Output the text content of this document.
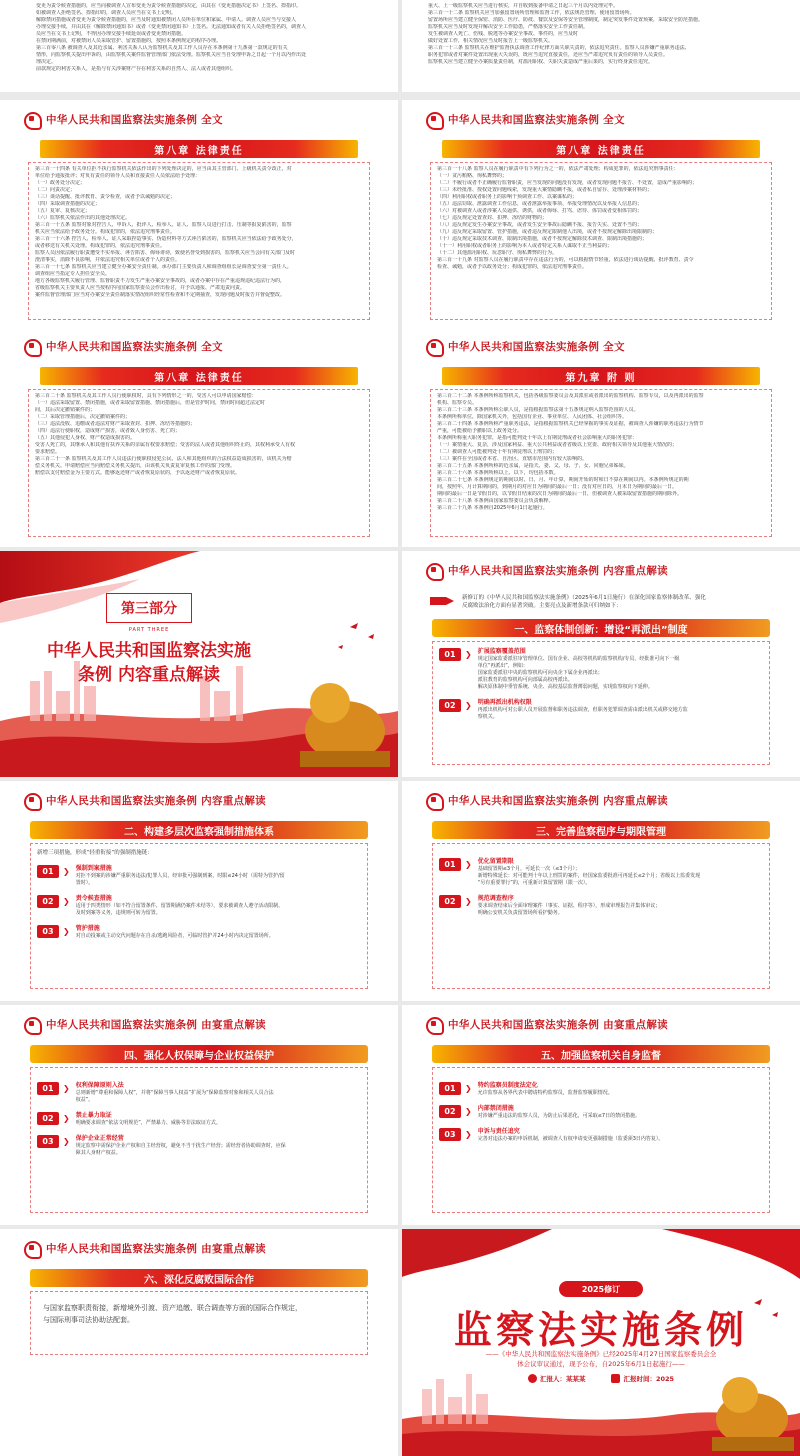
变更为责令候查措施的，应当向被调查人宣布变更为责令候查措施的决定，由其在《变更措施决定书》上签名、捺指印。
如被调查人拒绝签名、捺指印的，调查人员应当在文书上记明。
解除禁闭措施或者变更为责令候查措施的，应当及时通知被禁闭人员所在单位和家属、申请人。调查人员应当与交接人
办理交接手续，并由其在《解除禁闭通知书》或者《变更禁闭通知书》上签名。无法通知或者有关人员拒绝签名的，调查人
员应当在文书上记明，不得因办理交接手续延误或者变更禁闭措施。
在禁闭期满前，对被禁闭人员采取管护、留置措施的，按照本条例规定的程序办理。
第三百零八条 被调查人及其近亲属、利害关系人认为监察机关及其工作人员存在本条例第十九条第一款规定的有关
情形，向监察机关提出申诉的，由监察机关案件监督管理部门依法受理。监察机关应当自受理申诉之日起一个月以内作出处
理决定。
前款规定的利害关系人，是指与有关涉案财产存在利害关系的自然人、法人或者其他组织。
重大、上一级监察机关应当进行核实，并自收到报备申请之日起三个月以内处理完毕。
第三百一十二条 监察机关应当加强留置场所管理和监督工作，依法规范管理、使用留置场所。
留置场所应当建立健全保密、消防、医疗、防疫、餐饮及安保等安全管理制度，制定突发事件处置预案，采取安全防范措施。
监察机关应当及时发现并解决安全工作隐患，严格落实安全工作责任制。
发生被调查人死亡、伤残、脱逃等办案安全事故、事件的，应当及时
做好处置工作，相关情况应当及时报告上一级监察机关。
第三百一十三条 监察机关在维护监督执法调查工作纪律方面失职失责的，依法追究责任。监察人员涉嫌严重职务违法、
职务犯罪或者对案件处置出现重大失误的，既应当追究直接责任，还应当严肃追究负有责任的领导人员责任。
监察机关应当建立健全办案质量责任制，对滥用职权、失职失责造成严重后果的，实行终身责任追究。
中华人民共和国监察法实施条例 全文
第八章 法律责任
第三百一十四条 有关单位拒不执行监察机关依法作出的下列处理决定的，应当由其主管部门、上级机关责令改正，对
单位给予通报批评；对负有责任的领导人员和直接责任人员依法给予处理：
（一）政务处分决定；
（二）问责决定；
（三）谈话提醒、批评教育、责令检查，或者予以诫勉的决定；
（四）采取调查措施的决定；
（五）复审、复核决定；
（六）监察机关依法作出的其他处理决定。
第三百一十五条 监察对象对控告人、申诉人、批评人、检举人、证人、监察人员进行打击、压制等报复陷害的，监察
机关应当依法给予政务处分。构成犯罪的，依法追究刑事责任。
第三百一十六条 控告人、检举人、证人采取捏造事实、伪造材料等方式诬告陷害的，监察机关应当依法给予政务处分，
或者移送有关机关处理。构成犯罪的，依法追究刑事责任。
监察人员因依法履行职责遭受不实举报、诬告陷害、侮辱诽谤，致使名誉受到损害的，监察机关应当会同有关部门及时
澄清事实，消除不良影响，并依法追究相关单位或者个人的责任。
第三百一十七条 监察机关应当建立健全办案安全责任制。承办部门主要负责人和调查组组长是调查安全第一责任人。
调查组应当指定专人担任安全员。
地方各级监察机关履行管理、监督职责不力发生严重办案安全事故的，或者办案中存在严重违规违纪违法行为的，
省级监察机关主要负责人应当按程序向国家监察委员会作出检讨，并予以通报、严肃追责问责。
案件监督管理部门应当对办案安全责任制落实情况组织经常性检查和不定期抽查，发现问题及时报告并督促整改。
中华人民共和国监察法实施条例 全文
第八章 法律责任
第三百一十八条 监察人员在履行职责中有下列行为之一的，依法严肃处理；构成犯罪的，依法追究刑事责任：
（一）贪污贿赂、徇私舞弊的；
（二）不履行或者不正确履行监督职责，应当发现的问题没有发现，或者发现问题不报告、不处置，造成严重影响的；
（三）未经批准、授权处置问题线索，发现重大案情隐瞒不报，或者私自留存、处理涉案材料的；
（四）利用职权或者职务上的影响干预调查工作、以案谋私的；
（五）违法窃取、泄露调查工作信息，或者泄露举报事项、举报受理情况以及举报人信息的；
（六）对被调查人或者涉案人员逼供、诱供，或者侮辱、打骂、虐待、体罚或者变相体罚的；
（七）违反规定处置查封、扣押、冻结的财物的；
（八）违反规定发生办案安全事故，或者发生安全事故后隐瞒不报、报告失实、处置不当的；
（九）违反规定采取留置、管护措施，或者违反规定限制他人出境，或者不按规定解除出境限制的；
（十）违反规定采取技术调查、限制出境措施，或者不按规定解除技术调查、限制出境措施的；
（十一）利用职权或者职务上的影响为本人或者特定关系人谋取不正当利益的；
（十二）其他滥用职权、玩忽职守、徇私舞弊的行为。
第三百一十九条 对监察人员在履行职责中存在违法行为的，可以根据情节轻重，依法进行谈话提醒、批评教育、责令
检查、诫勉，或者予以政务处分；构成犯罪的，依法追究刑事责任。
中华人民共和国监察法实施条例 全文
第八章 法律责任
第三百二十条 监察机关及其工作人员行使职权时，具有下列情形之一的，受害人可以申请国家赔偿：
（一）违法采取留置、禁闭措施，或者采取留置措施、禁闭措施后，但是管护时间，禁闭时间超过法定时
间，其后决定撤销案件的；
（二）采取管理措施后，决定撤销案件的；
（三）违法没收、追缴或者违法对财产采取查封、扣押、冻结等措施的；
（四）违法行使职权，造成财产损害，或者致人身伤害、死亡的；
（五）其他侵犯人身权、财产权造成损害的。
受害人死亡的，其继承人和其他有扶养关系的亲属有权要求赔偿；受害的法人或者其他组织终止的，其权利承受人有权
要求赔偿。
第三百二十一条 监察机关及其工作人员违法行使职权侵犯公民、法人和其他组织的合法权益造成损害的，该机关为赔
偿义务机关。申请赔偿应当向赔偿义务机关提出，由该机关负责复审复核工作的部门受理。
赔偿以支付赔偿金为主要方式。能够返还财产或者恢复原状的，予以返还财产或者恢复原状。
中华人民共和国监察法实施条例 全文
第九章 附 则
第三百二十二条 本条例所称监察机关，包括各级监察委员会及其派驻或者派出的监察机构、监察专员，以及再派出的监察
机构、监察专员。
第三百二十三条 本条例所称公职人员，是指根据监察法第十五条规定纳入监察范围的人员。
本条例所称单位，除国家机关外，包括国有企业、事业单位、人民团体、社会组织等。
第三百二十四条 本条例所称严重职务违法，是指根据监察机关已经掌握的事实及证据，被调查人涉嫌的职务违法行为情节
严重，可能被给予撤职以上政务处分。
本条例所称重大职务犯罪，是指可能判处十年以上有期徒刑或者社会影响重大的职务犯罪：
（一）案情重大、复杂，涉及国家利益、重大公共利益或者省级以上党委、政府相关领导及其他重大情况的；
（二）被调查人可能被判处十年有期徒刑以上刑罚的；
（三）案件在全国或者本省、自治区、直辖市范围内有较大影响的。
第三百二十五条 本条例所称的近亲属，是指夫、妻、父、母、子、女、同胞兄弟姊妹。
第三百二十六条 本条例所称以上、以下，均包括本数。
第三百二十七条 本条例规定的期间以时、日、月、年计算，期间开始的时和日不算在期间以内。本条例所规定的期
间，按照年、月计算期间的，到期月的对应日为期间的最后一日；没有对应日的，月末日为期间的最后一日。
期间的最后一日是节假日的，以节假日结束的次日为期间的最后一日，但被调查人被采取留置措施的期间除外。
第三百二十八条 本条例由国家监察委员会负责解释。
第三百二十九条 本条例自2025年6月1日起施行。
第三部分
PART THREE
中华人民共和国监察法实施
条例 内容重点解读
中华人民共和国监察法实施条例 内容重点解读
新修订的《中华人民共和国监察法实施条例》（2025年6月1日施行）在深化国家监察体制改革、强化
反腐败法治化方面有显著突破。主要亮点及新增条款可归纳如下：
一、监察体制创新：增设“再派出”制度
01	❯ 扩展监察覆盖范围
规定国家监委派驻审管理单位、国有企业、高校等机构的监察机构/专员，经批准可向下一级
单位“再派出”，例如：
国家监委派驻中央的监察机构可向央企下属企业再派出；
派驻教育的监察机构可向部属高校再派出。
解决原体制中垂管系统、央企、高校基层监督薄弱问题，实现监察权向下延伸。
02	❯ 明确再派出机构权限
再派出机构可对公职人员开展监督和职务违法调查，但职务犯罪调查需由派出机关或移交地方监
察机关。
中华人民共和国监察法实施条例 内容重点解读
二、构建多层次监察强制措施体系
新增三项措施，形成“轻重衔接”的强制措施链：
01	❯ 强制到案措施
对拒不到案的涉嫌严重职务违法/犯罪人员，经审批可强制到案，时限≤24小时（需特为管护/留
置时）。
02	❯ 责令候查措施
适用于四类情形（如不符合留置条件、留置期满仍案件未结等），要求被调查人遵守活动限制、
及时到案等义务，违规则可转为留置。
03	❯ 管护措施
对自动投案或主动交代问题存在自杀/逃跑风险者，可临时管护并24小时内决定留置场所。
中华人民共和国监察法实施条例 内容重点解读
三、完善监察程序与期限管理
01	❯ 优化留置期限
基础留置期≤3个月，可延长一次（≤3个月）；
新增特殊延长：对可能判十年以上刑罚的案件，经国家监委批准可再延长≤2个月；省级以上监委发现
“另有重要罪行”的，可重新计算留置期（限一次）。
02	❯ 规范调查程序
要求调查结束后全面审理案件（事实、证据、程序等），形成审理报告并集体审议；
明确公安机关负责留置场所看护勤务。
中华人民共和国监察法实施条例 由宴重点解读
四、强化人权保障与企业权益保护
01	❯ 权利保障原则入法
总则新增“尊重和保障人权”，并将“保障当事人权益”扩展为“保障监察对象和相关人员合法
权益”。
02	❯ 禁止暴力取证
明确要求调查“依法文明规范”，严禁暴力、威胁等非法取证方式。
03	❯ 保护企业正常经营
规定监察中需保护企业产权和自主经营权，避免不当干扰生产经营；需经营者协助调查时，应保
障其人身财产权益。
中华人民共和国监察法实施条例 由宴重点解读
五、加强监察机关自身监督
01	❯ 特约监察员制度法定化
允许监察从各界代表中聘请特约监察员，监督监察履职情况。
02	❯ 内部禁闭措施
对涉嫌严重违法的监察人员，为防止后果恶化，可采取≤7日的禁闭措施。
03	❯ 申诉与责任追究
完善对违法办案的申诉机制，被调查人有权申请变更强制措施（监委须3日内答复）。
中华人民共和国监察法实施条例 由宴重点解读
六、深化反腐败国际合作
与国家监察职责衔接，新增境外引渡、资产追缴、联合调查等方面的国际合作规定，
与国际刑事司法协助法配套。
2025修订
监察法实施条例
——《中华人民共和国监察法实施条例》已经2025年4月27日国家监察委员会全
体会议审议通过，现予公布，自2025年6月1日起施行——
汇报人：某某某	汇报时间：2025
